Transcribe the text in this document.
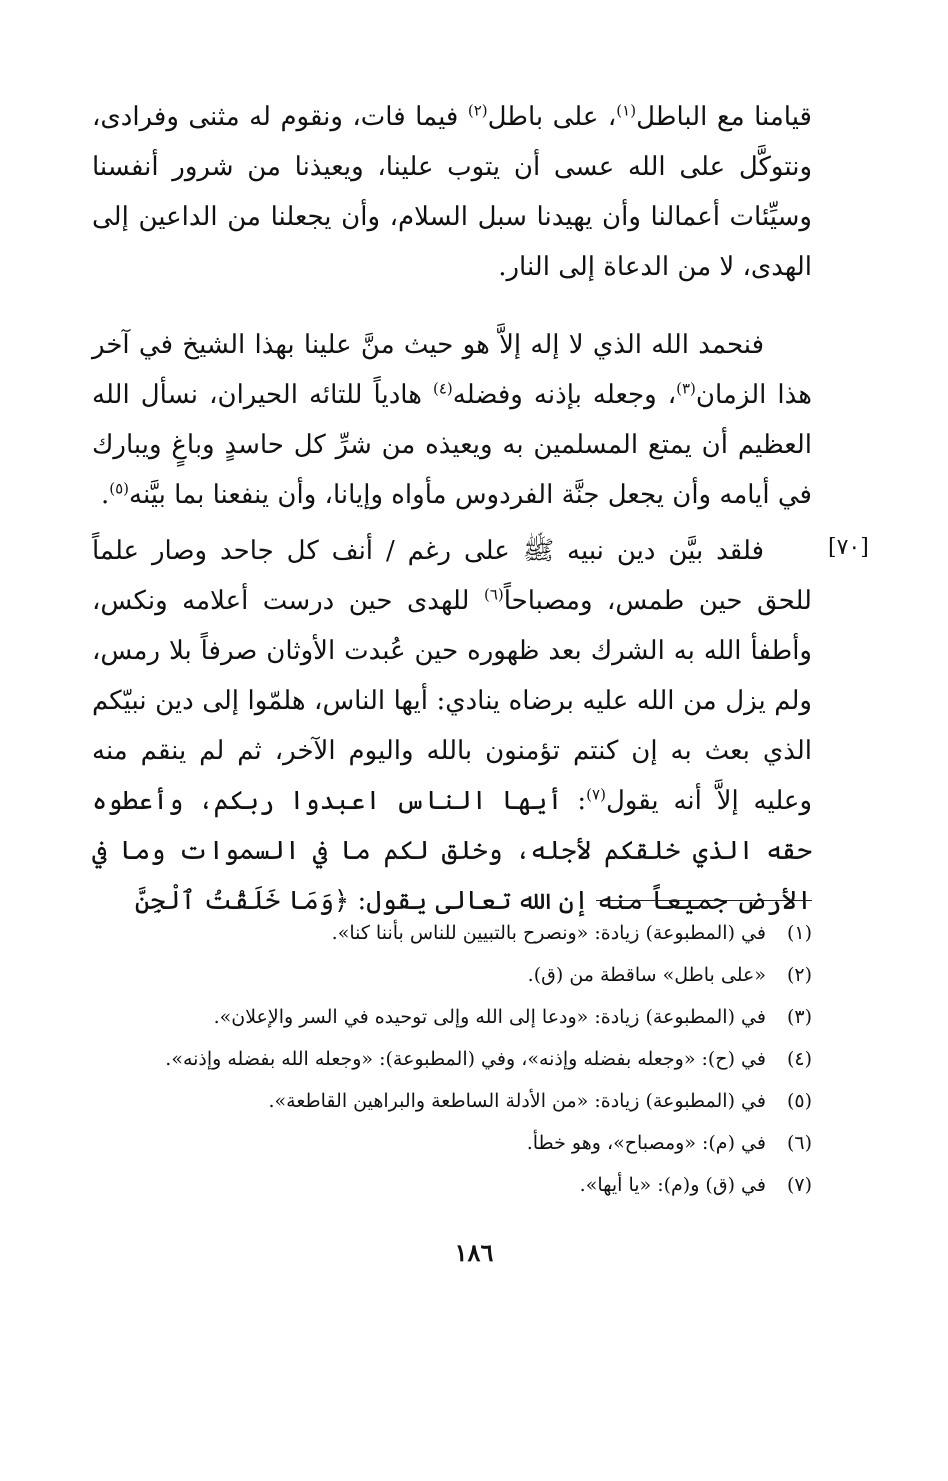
قيامنا مع الباطل$^{(١)}$، على باطل$^{(٢)}$ فيما فات، ونقوم له مثنى وفرادى، ونتوكَّل على الله عسى أن يتوب علينا، ويعيذنا من شرور أنفسنا وسيِّئات أعمالنا وأن يهيدنا سبل السلام، وأن يجعلنا من الداعين إلى الهدى، لا من الدعاة إلى النار.
فنحمد الله الذي لا إله إلاَّ هو حيث منَّ علينا بهذا الشيخ في آخر هذا الزمان$^{(٣)}$، وجعله بإذنه وفضله$^{(٤)}$ هادياً للتائه الحيران، نسأل الله العظيم أن يمتع المسلمين به ويعيذه من شرِّ كل حاسدٍ وباغٍ ويبارك في أيامه وأن يجعل جنَّة الفردوس مأواه وإيانا، وأن ينفعنا بما بيَّنه$^{(٥)}$.
[٧٠]
فلقد بيَّن دين نبيه ﷺ على رغم / أنف كل جاحد وصار علماً للحق حين طمس، ومصباحاً$^{(٦)}$ للهدى حين درست أعلامه ونكس، وأطفأ الله به الشرك بعد ظهوره حين عُبدت الأوثان صرفاً بلا رمس، ولم يزل من الله عليه برضاه ينادي: أيها الناس، هلمّوا إلى دين نبيّكم الذي بعث به إن كنتم تؤمنون بالله واليوم الآخر، ثم لم ينقم منه وعليه إلاَّ أنه يقول$^{(٧)}$: أيها الناس اعبدوا ربكم، وأعطوه حقه الذي خلقكم لأجله، وخلق لكم ما في السموات وما في الأرض جميعاً منه إن الله تعالى يقول: ﴿وَمَا خَلَقْتُ ٱلْجِنَّ
(١) في (المطبوعة) زيادة: «ونصرح بالتبيين للناس بأننا كنا».
(٢) «على باطل» ساقطة من (ق).
(٣) في (المطبوعة) زيادة: «ودعا إلى الله وإلى توحيده في السر والإعلان».
(٤) في (ح): «وجعله بفضله وإذنه»، وفي (المطبوعة): «وجعله الله بفضله وإذنه».
(٥) في (المطبوعة) زيادة: «من الأدلة الساطعة والبراهين القاطعة».
(٦) في (م): «ومصباح»، وهو خطأ.
(٧) في (ق) و(م): «يا أيها».
١٨٦
